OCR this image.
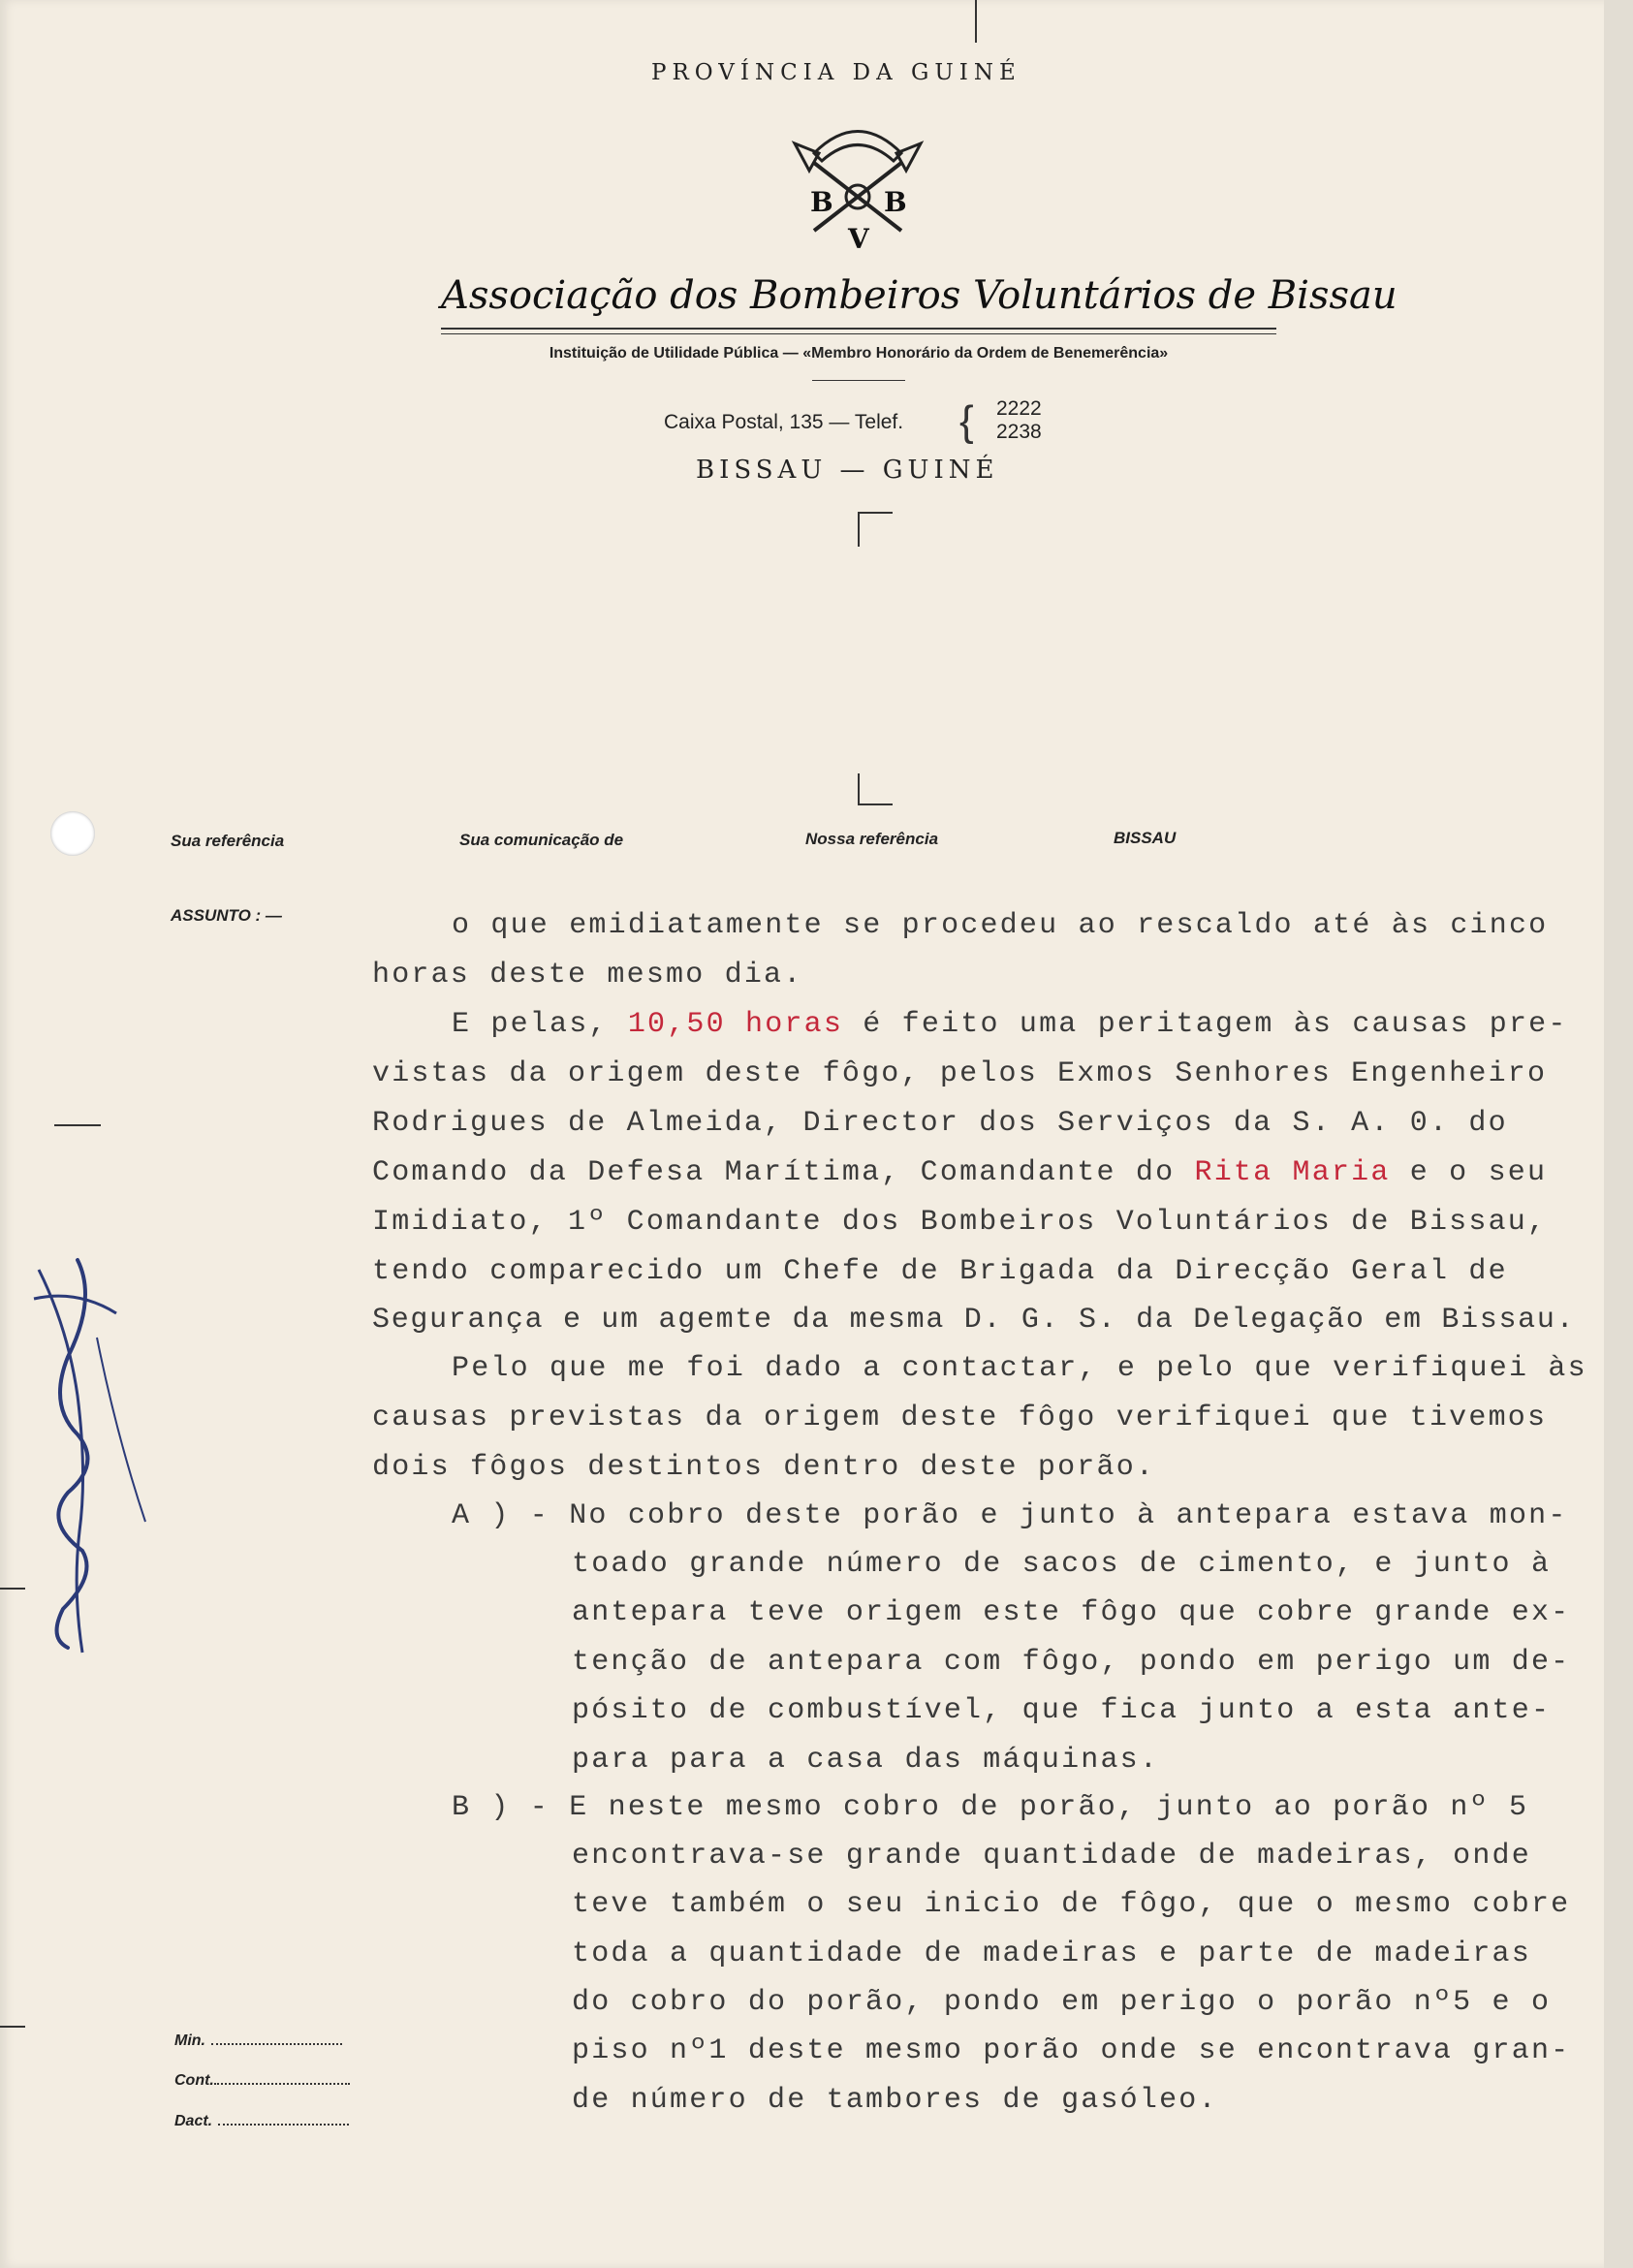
PROVÍNCIA DA GUINÉ
B B
V
Associação dos Bombeiros Voluntários de Bissau
Instituição de Utilidade Pública — «Membro Honorário da Ordem de Benemerência»
Caixa Postal, 135 — Telef. { 2222
2238
BISSAU — GUINÉ
Sua referência	Sua comunicação de	Nossa referência	BISSAU
ASSUNTO : —	o que emidiatamente se procedeu ao rescaldo até às cinco
horas deste mesmo dia.
E pelas, 10,50 horas é feito uma peritagem às causas pre-
vistas da origem deste fôgo, pelos Exmos Senhores Engenheiro
Rodrigues de Almeida, Director dos Serviços da S. A. 0. do
Comando da Defesa Marítima, Comandante do Rita Maria e o seu
Imidiato, 1º Comandante dos Bombeiros Voluntários de Bissau,
tendo comparecido um Chefe de Brigada da Direcção Geral de
Segurança e um agemte da mesma D. G. S. da Delegação em Bissau.
Pelo que me foi dado a contactar, e pelo que verifiquei às
causas previstas da origem deste fôgo verifiquei que tivemos
dois fôgos destintos dentro deste porão.
A ) - No cobro deste porão e junto à antepara estava mon-
toado grande número de sacos de cimento, e junto à
antepara teve origem este fôgo que cobre grande ex-
tenção de antepara com fôgo, pondo em perigo um de-
pósito de combustível, que fica junto a esta ante-
para para a casa das máquinas.
B ) - E neste mesmo cobro de porão, junto ao porão nº 5
encontrava-se grande quantidade de madeiras, onde
teve também o seu inicio de fôgo, que o mesmo cobre
toda a quantidade de madeiras e parte de madeiras
do cobro do porão, pondo em perigo o porão nº5 e o
piso nº1 deste mesmo porão onde se encontrava gran-
de número de tambores de gasóleo.
Min.
Cont.
Dact.
